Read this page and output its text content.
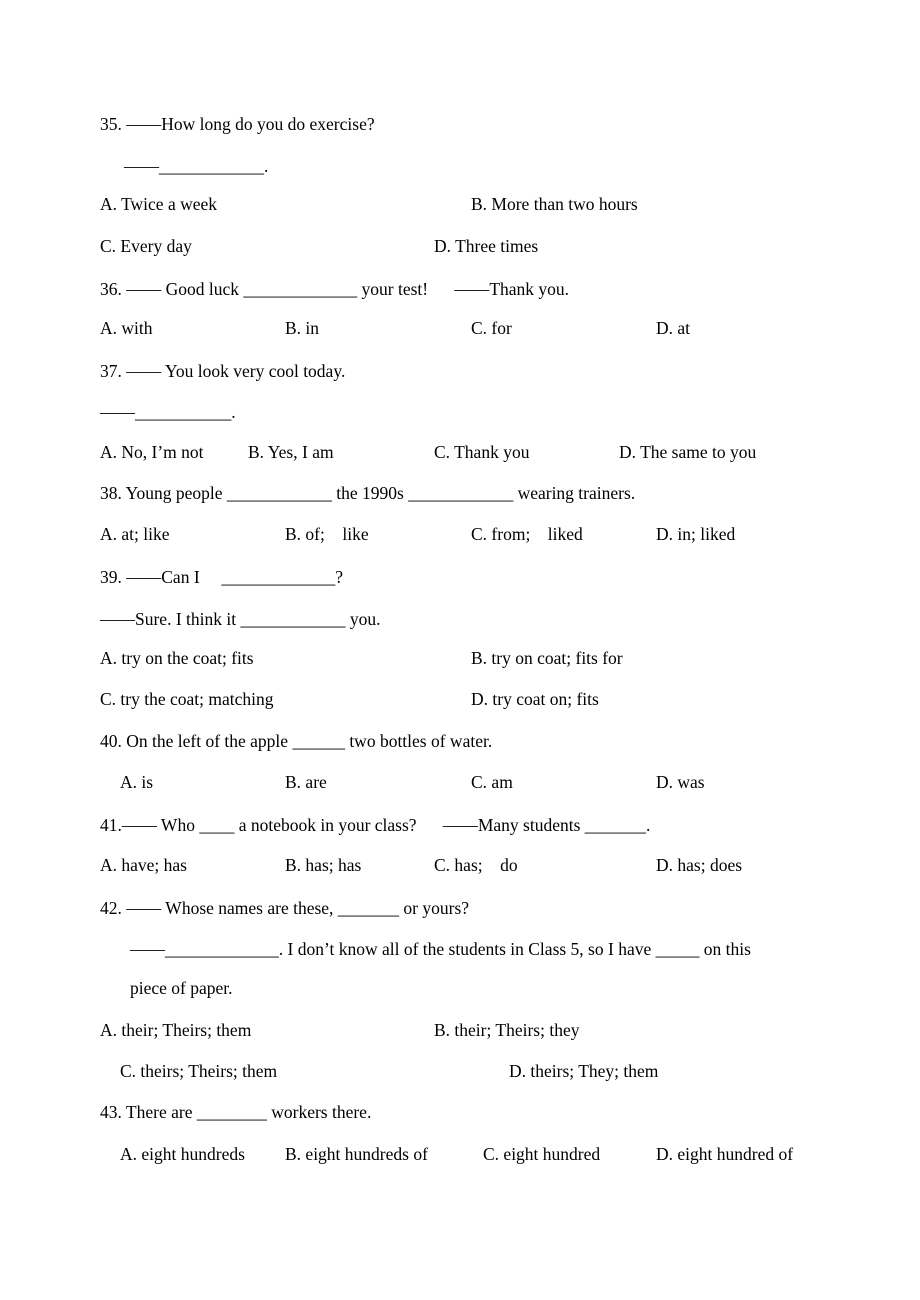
35. ——How long do you do exercise?
——____________.
A. Twice a week	B. More than two hours
C. Every day	D. Three times
36. —— Good luck _____________ your test!      ——Thank you.
A. with	B. in	C. for	D. at
37. —— You look very cool today.
——___________.
A. No, I’m not	B. Yes, I am	C. Thank you	D. The same to you
38. Young people ____________ the 1990s ____________ wearing trainers.
A. at; like	B. of;    like	C. from;    liked	D. in; liked
39. ——Can I     _____________?
——Sure. I think it ____________ you.
A. try on the coat; fits	B. try on coat; fits for
C. try the coat; matching	D. try coat on; fits
40. On the left of the apple ______ two bottles of water.
A. is	B. are	C. am	D. was
41.—— Who ____ a notebook in your class?      ——Many students _______.
A. have; has	B. has; has	C. has;    do	D. has; does
42. —— Whose names are these, _______ or yours?
——_____________. I don’t know all of the students in Class 5, so I have _____ on this
piece of paper.
A. their; Theirs; them	B. their; Theirs; they
C. theirs; Theirs; them	D. theirs; They; them
43. There are ________ workers there.
A. eight hundreds B. eight hundreds of	C. eight hundred	D. eight hundred of
